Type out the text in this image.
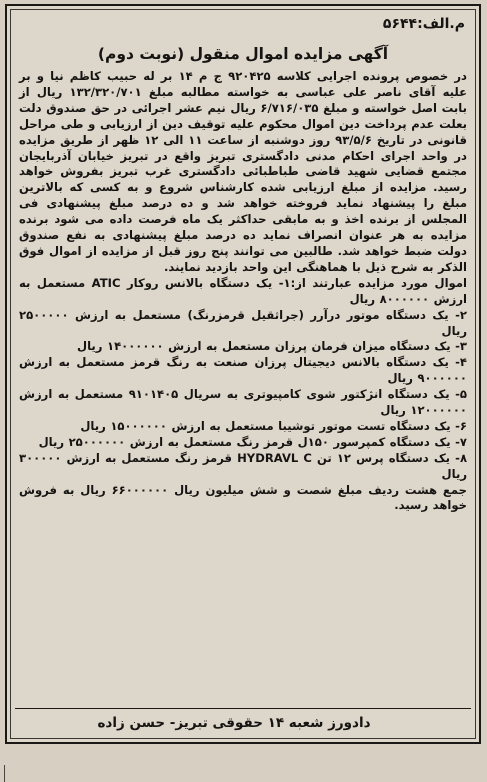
م.الف:۵۶۴۴
آگهی مزایده اموال منقول (نوبت دوم)

در خصوص پرونده اجرایی کلاسه ۹۲۰۴۲۵ ج م ۱۴ بر له حبیب کاظم نیا و بر علیه آقای ناصر علی عباسی به خواسته مطالبه مبلغ ۱۳۲/۳۲۰/۷۰۱ ریال از بابت اصل خواسته و مبلغ ۶/۷۱۶/۰۳۵ ریال نیم عشر اجرائی در حق صندوق دلت بعلت عدم پرداخت دین اموال محکوم علیه توقیف دین از ارزیابی و طی مراحل قانونی در تاریخ ۹۳/۵/۶ روز دوشنبه از ساعت ۱۱ الی ۱۲ ظهر از طریق مزایده در واحد اجرای احکام مدنی دادگستری تبریز واقع در تبریز خیابان آذربایجان مجتمع قضایی شهید قاضی طباطبائی دادگستری غرب تبریز بفروش خواهد رسید. مزایده از مبلغ ارزیابی شده کارشناس شروع و به کسی که بالاترین مبلغ را پیشنهاد نماید فروخته خواهد شد و ده درصد مبلغ پیشنهادی فی المجلس از برنده اخذ و به مابقی حداکثر یک ماه فرصت داده می شود برنده مزایده به هر عنوان انصراف نماید ده درصد مبلغ پیشنهادی به نفع صندوق دولت ضبط خواهد شد. طالبین می توانند پنج روز قبل از مزایده از اموال فوق الذکر به شرح ذیل با هماهنگی این واحد بازدید نمایند.

اموال مورد مزایده عبارتند از:۱- یک دستگاه بالانس روکار ATIC مستعمل به ارزش ۸۰۰۰۰۰۰ ریال
۲- یک دستگاه موتور درآرر (جراثقیل قرمزرنگ) مستعمل به ارزش ۲۵۰۰۰۰۰ ریال
۳- یک دستگاه میزان فرمان پرزان مستعمل به ارزش ۱۴۰۰۰۰۰۰ ریال
۴- یک دستگاه بالانس دیجیتال پرزان صنعت به رنگ قرمز مستعمل به ارزش ۹۰۰۰۰۰۰ ریال
۵- یک دستگاه انژکتور شوی کامپیوتری به سریال ۹۱۰۱۴۰۵ مستعمل به ارزش ۱۲۰۰۰۰۰۰ ریال
۶- یک دستگاه تست موتور توشیبا مستعمل به ارزش ۱۵۰۰۰۰۰۰ ریال
۷- یک دستگاه کمپرسور ۱۵۰ل قرمز رنگ مستعمل به ارزش ۲۵۰۰۰۰۰۰ ریال
۸- یک دستگاه پرس ۱۲ تن HYDRAVL C قرمز رنگ مستعمل به ارزش ۳۰۰۰۰۰ ریال

جمع هشت ردیف مبلغ شصت و شش میلیون ریال ۶۶۰۰۰۰۰۰ ریال به فروش خواهد رسید.

دادورز شعبه ۱۴ حقوقی تبریز- حسن زاده
